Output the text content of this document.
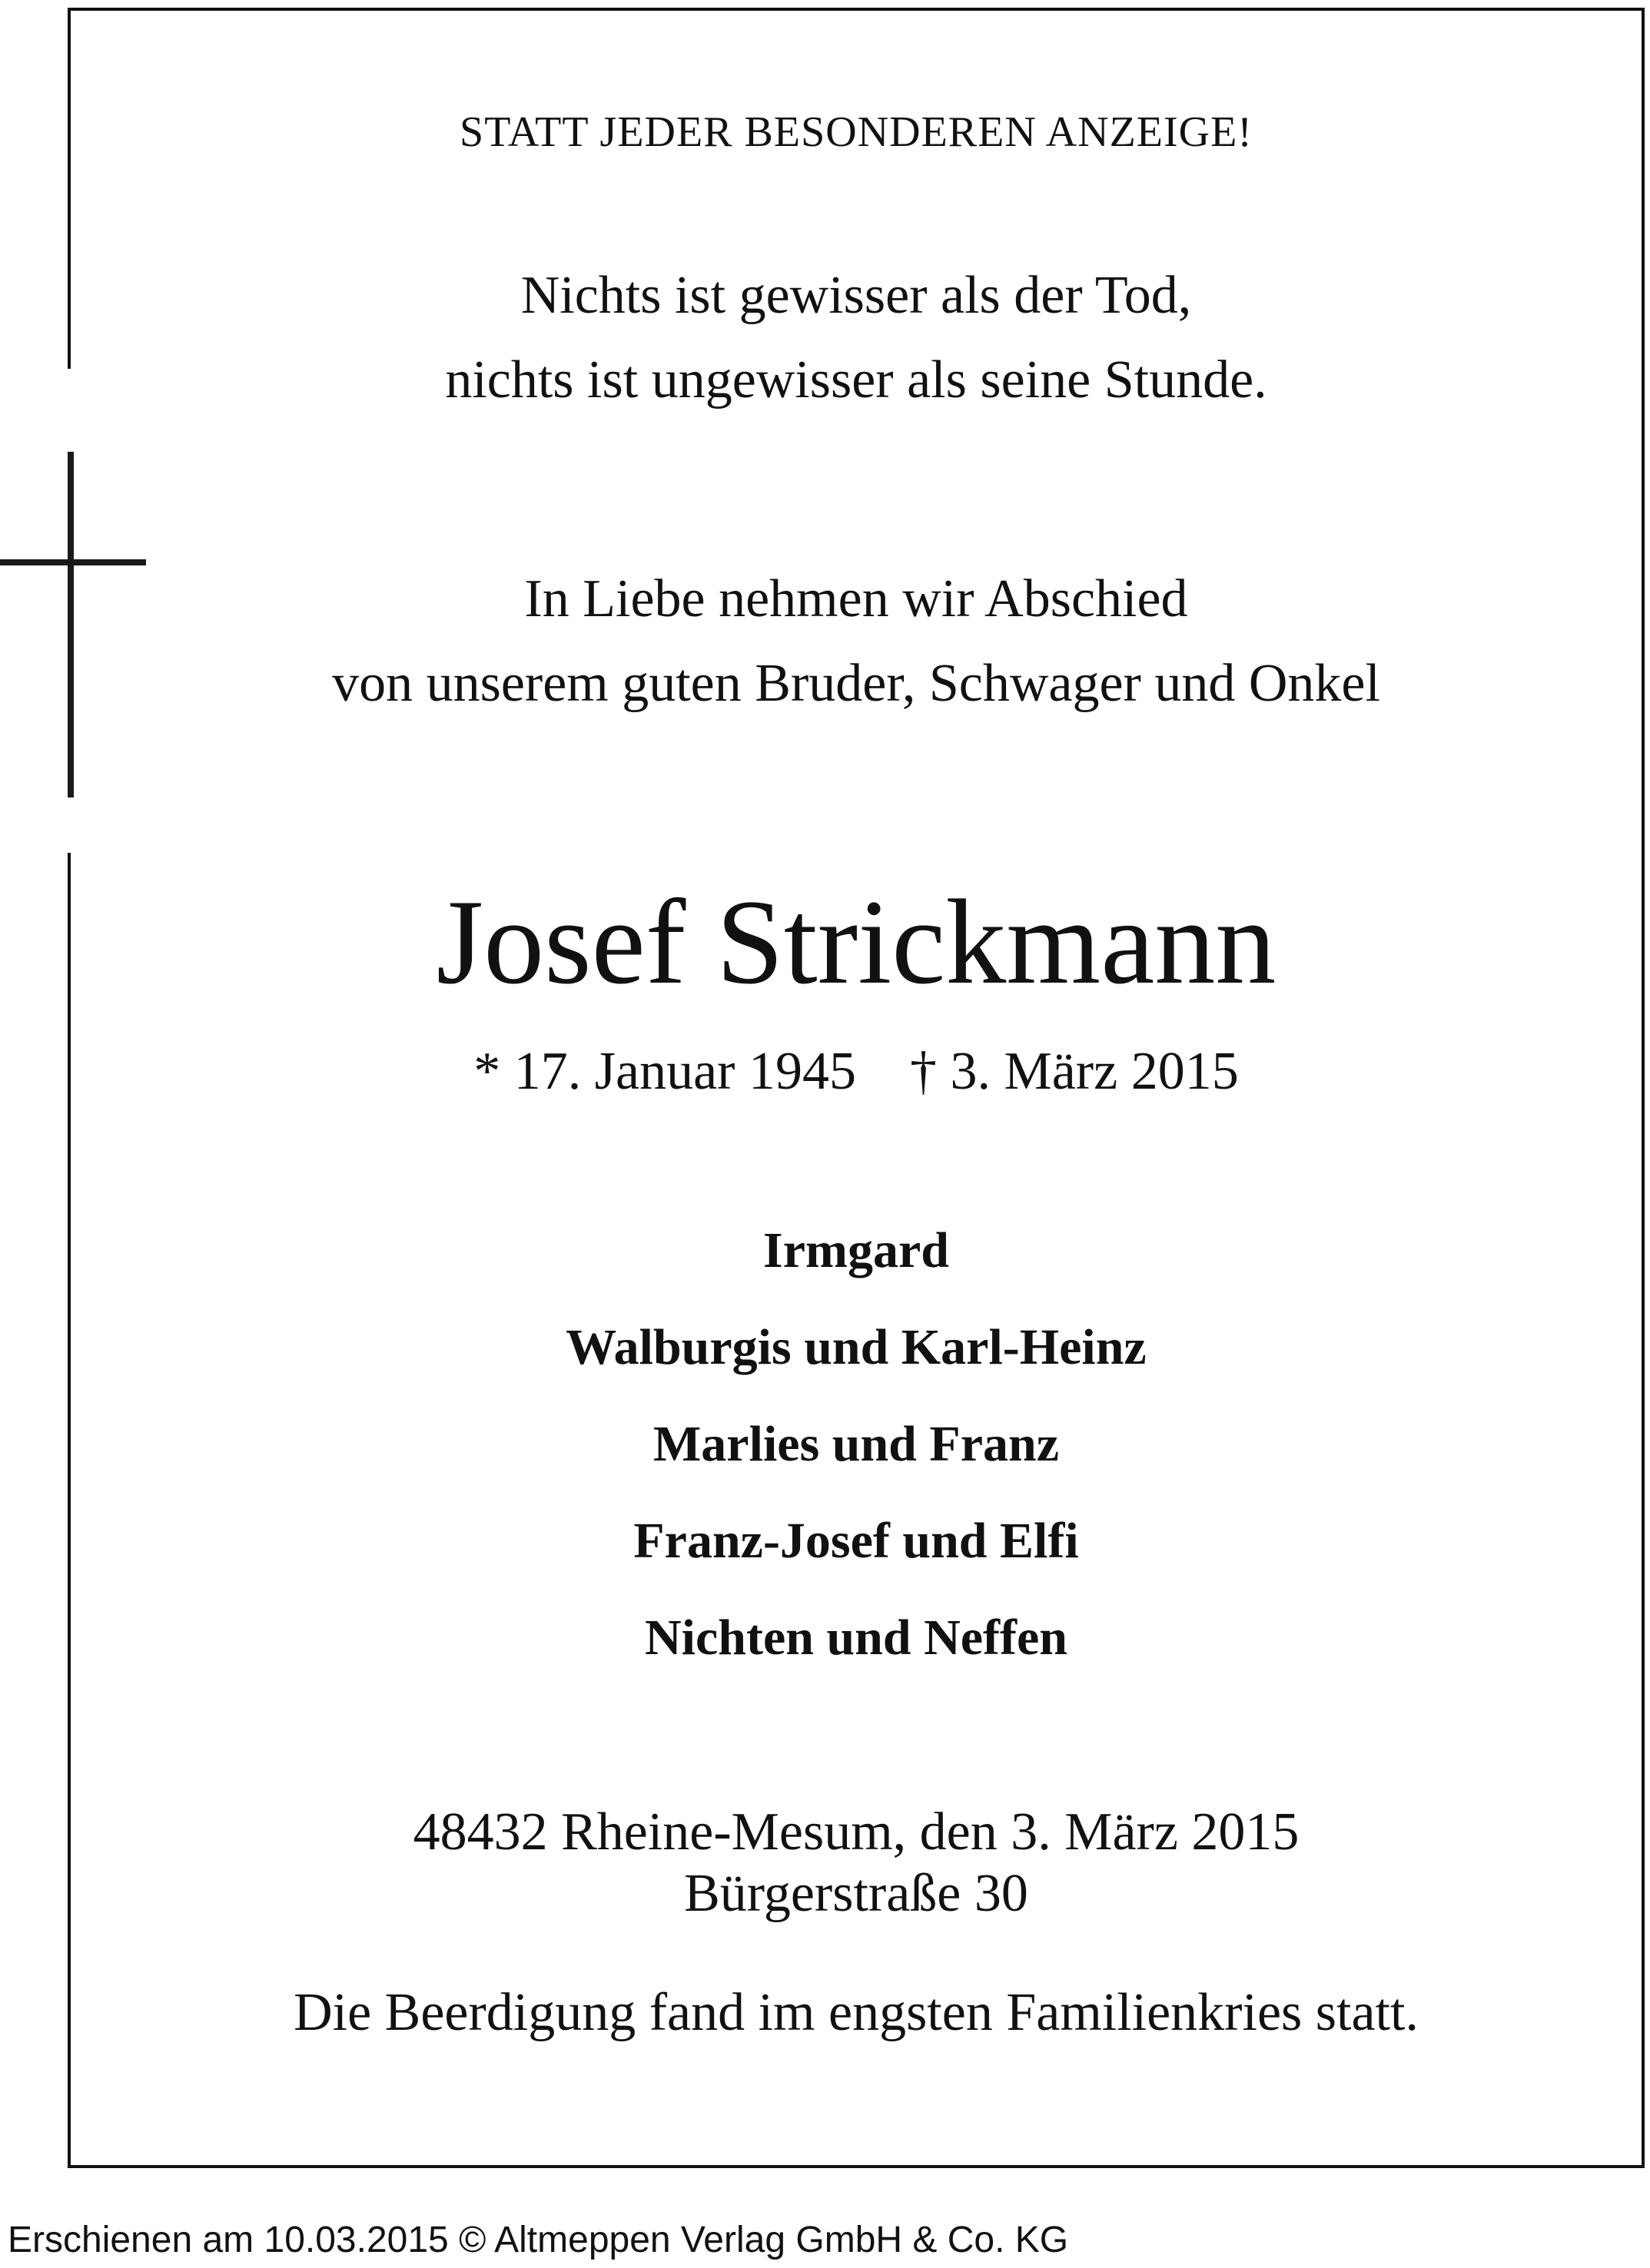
STATT JEDER BESONDEREN ANZEIGE!
Nichts ist gewisser als der Tod,
nichts ist ungewisser als seine Stunde.
In Liebe nehmen wir Abschied
von unserem guten Bruder, Schwager und Onkel
Josef Strickmann
* 17. Januar 1945 † 3. März 2015
Irmgard
Walburgis und Karl-Heinz
Marlies und Franz
Franz-Josef und Elfi
Nichten und Neffen
48432 Rheine-Mesum, den 3. März 2015
Bürgerstraße 30
Die Beerdigung fand im engsten Familienkries statt.
Erschienen am 10.03.2015 © Altmeppen Verlag GmbH & Co. KG
